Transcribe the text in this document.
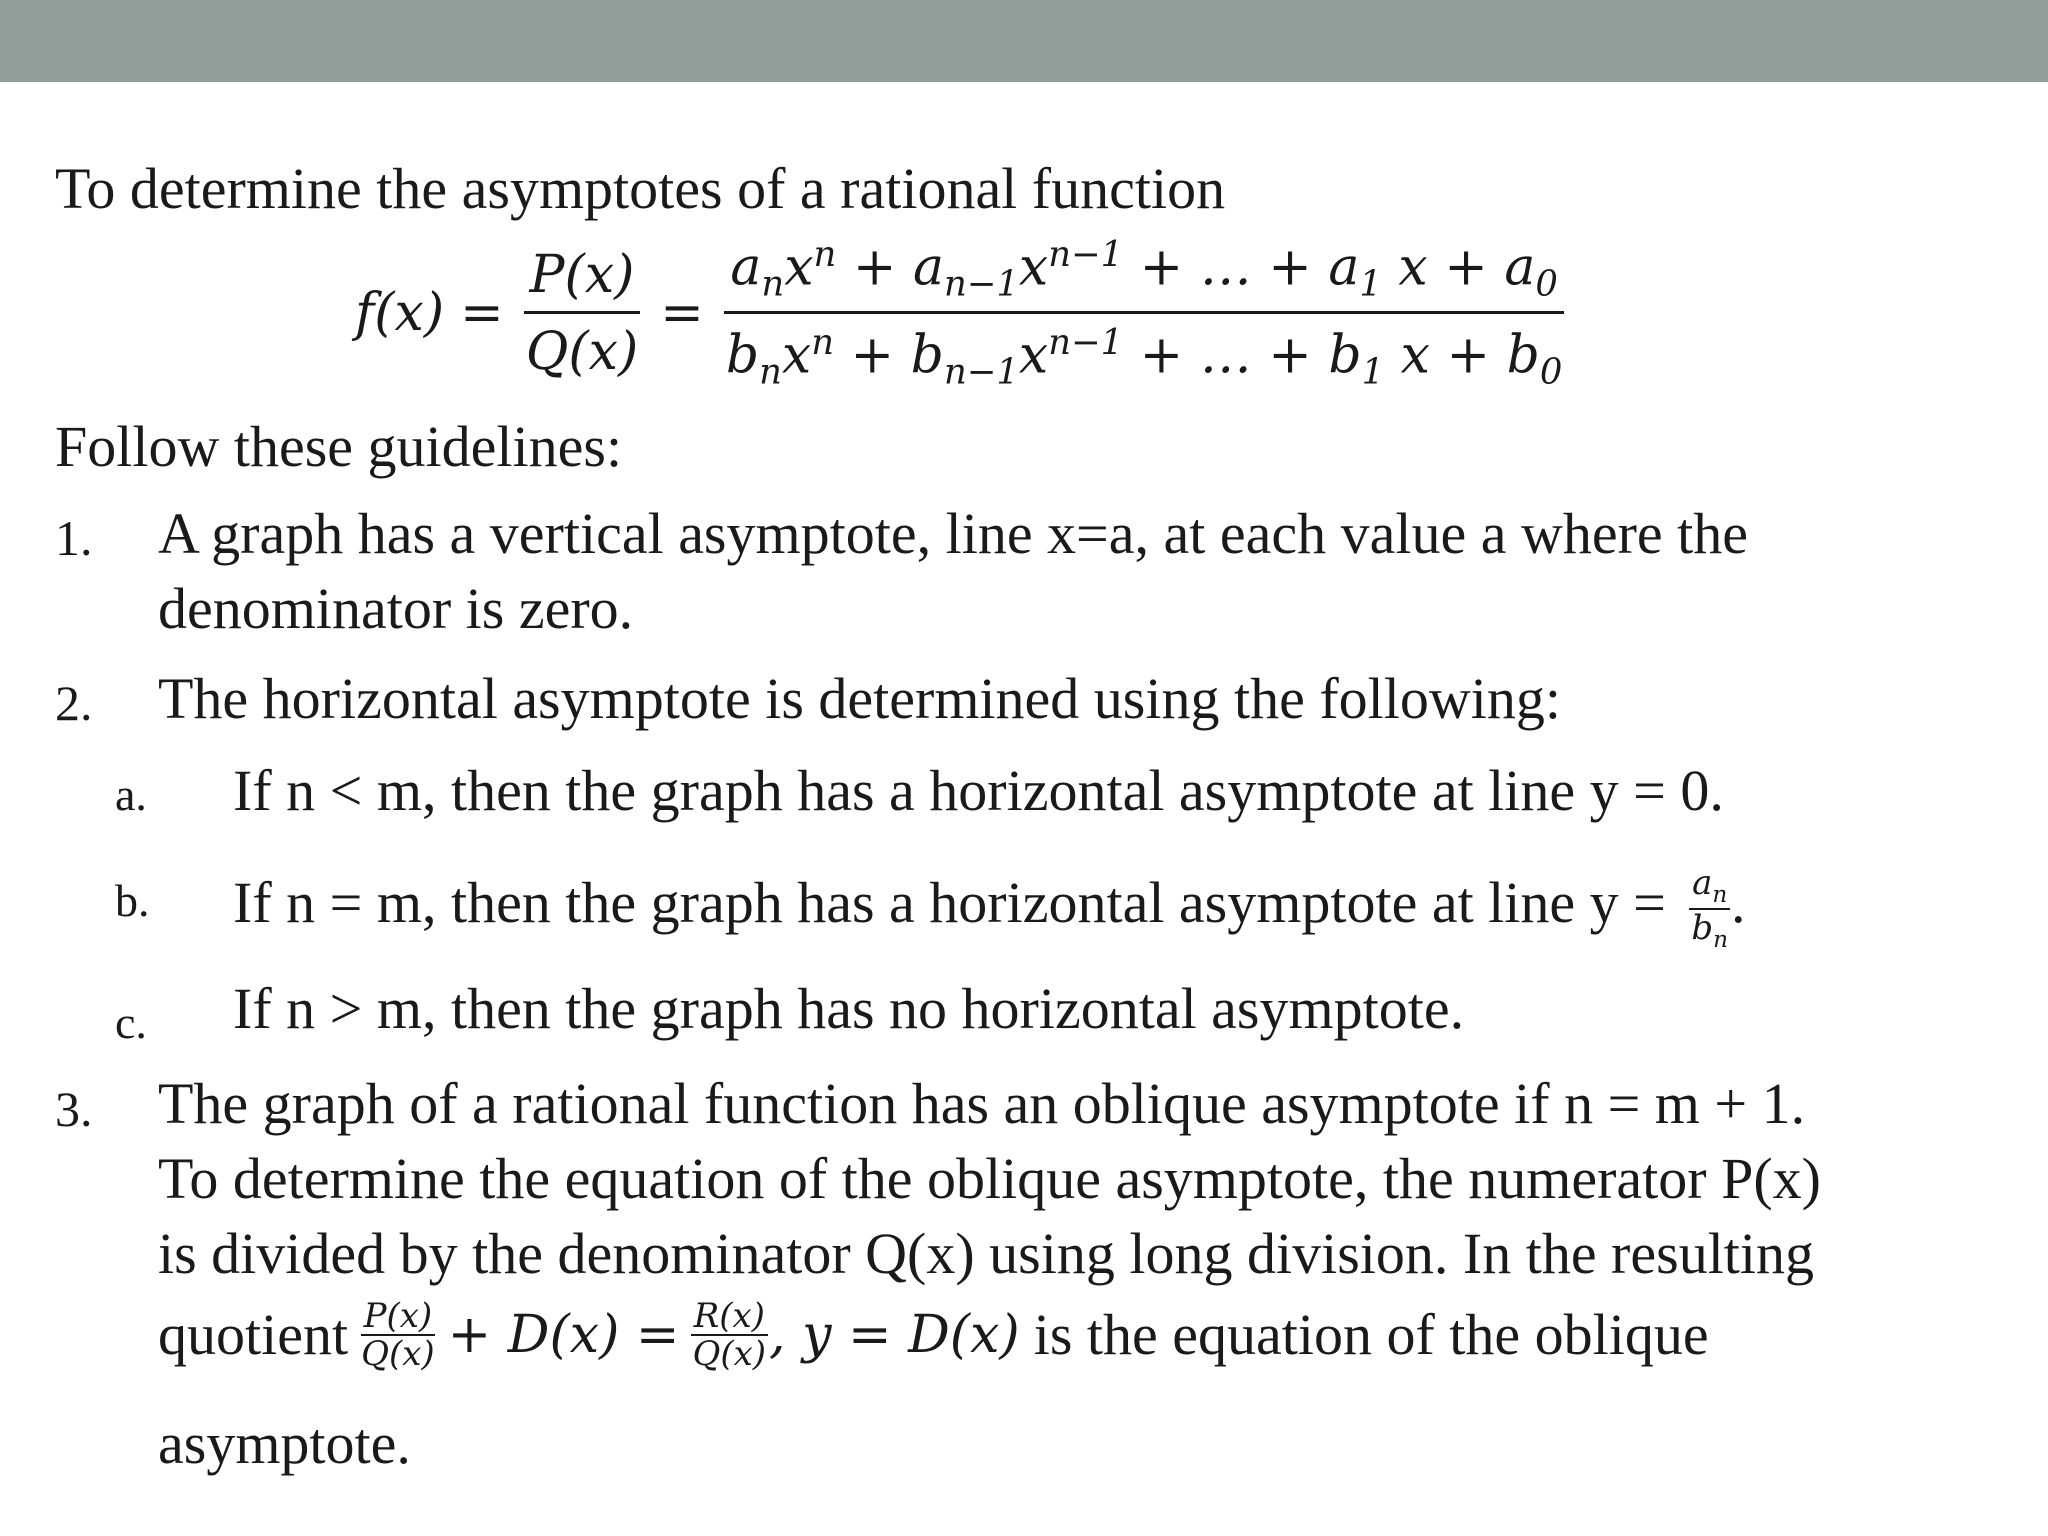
To determine the asymptotes of a rational function
$f(x) = \frac{P(x)}{Q(x)} = \frac{a_nx^n + a_{n-1}x^{n-1} + \dots + a_1 x + a_0}{b_nx^n + b_{n-1}x^{n-1} + \dots + b_1 x + b_0}$
Follow these guidelines:
1. A graph has a vertical asymptote, line x=a, at each value a where the
denominator is zero.
2. The horizontal asymptote is determined using the following:
a. If n < m, then the graph has a horizontal asymptote at line y = 0.
b. If n = m, then the graph has a horizontal asymptote at line $y = \frac{a_n}{b_n}$ .
c. If n > m, then the graph has no horizontal asymptote.
3. The graph of a rational function has an oblique asymptote if n = m + 1.
To determine the equation of the oblique asymptote, the numerator P(x)
is divided by the denominator Q(x) using long division. In the resulting
quotient $\frac{P(x)}{Q(x)} + D(x) = \frac{R(x)}{Q(x)}$ , y = D(x) is the equation of the oblique
asymptote.
